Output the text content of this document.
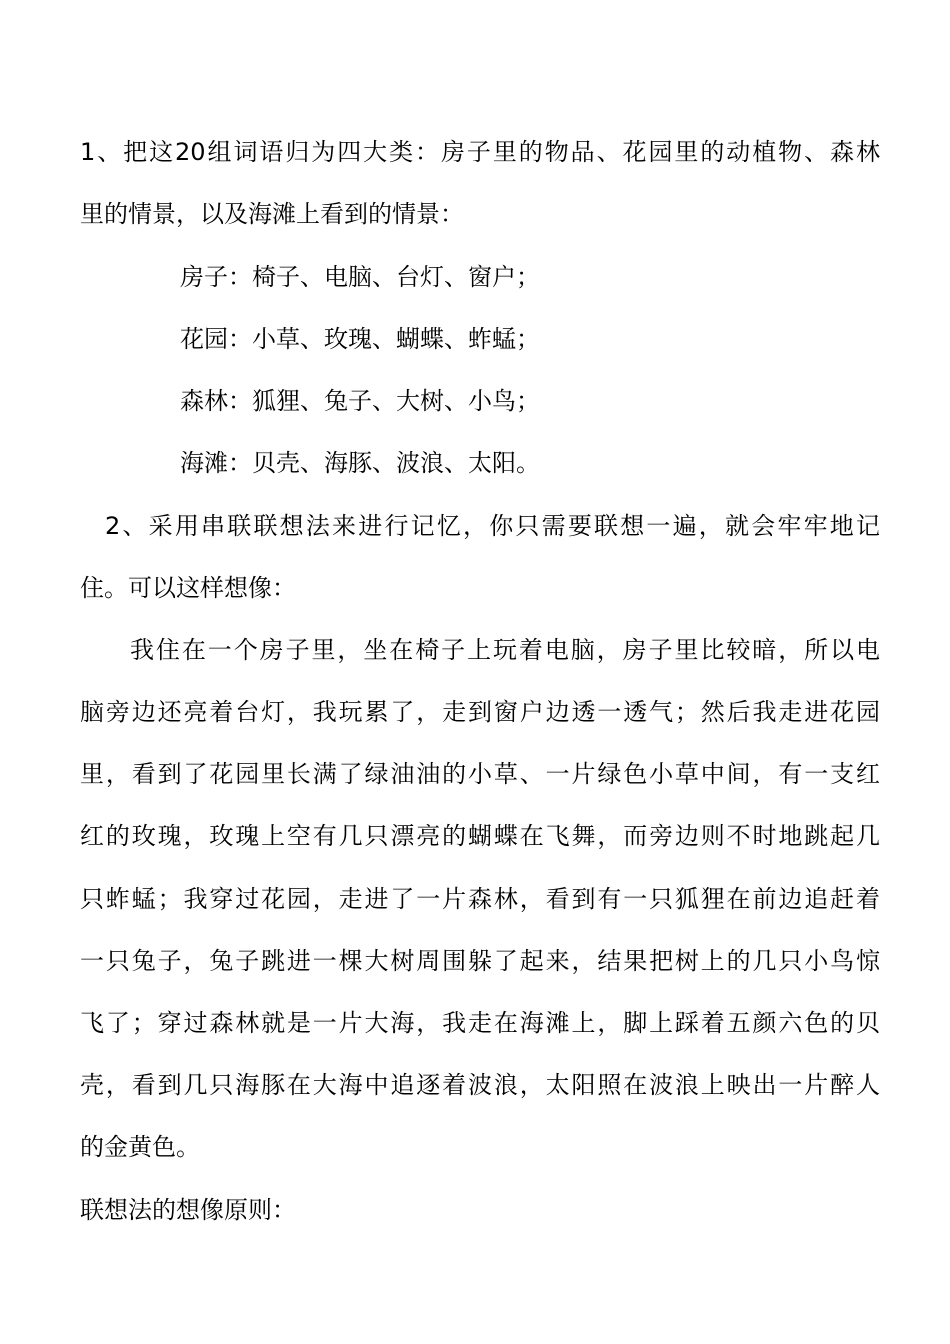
1、把这20组词语归为四大类：房子里的物品、花园里的动植物、森林
里的情景，以及海滩上看到的情景：
房子：椅子、电脑、台灯、窗户；
花园：小草、玫瑰、蝴蝶、蚱蜢；
森林：狐狸、兔子、大树、小鸟；
海滩：贝壳、海豚、波浪、太阳。
2、采用串联联想法来进行记忆，你只需要联想一遍，就会牢牢地记
住。可以这样想像：
我住在一个房子里，坐在椅子上玩着电脑，房子里比较暗，所以电
脑旁边还亮着台灯，我玩累了，走到窗户边透一透气；然后我走进花园
里，看到了花园里长满了绿油油的小草、一片绿色小草中间，有一支红
红的玫瑰，玫瑰上空有几只漂亮的蝴蝶在飞舞，而旁边则不时地跳起几
只蚱蜢；我穿过花园，走进了一片森林，看到有一只狐狸在前边追赶着
一只兔子，兔子跳进一棵大树周围躲了起来，结果把树上的几只小鸟惊
飞了；穿过森林就是一片大海，我走在海滩上，脚上踩着五颜六色的贝
壳，看到几只海豚在大海中追逐着波浪，太阳照在波浪上映出一片醉人
的金黄色。
联想法的想像原则：
